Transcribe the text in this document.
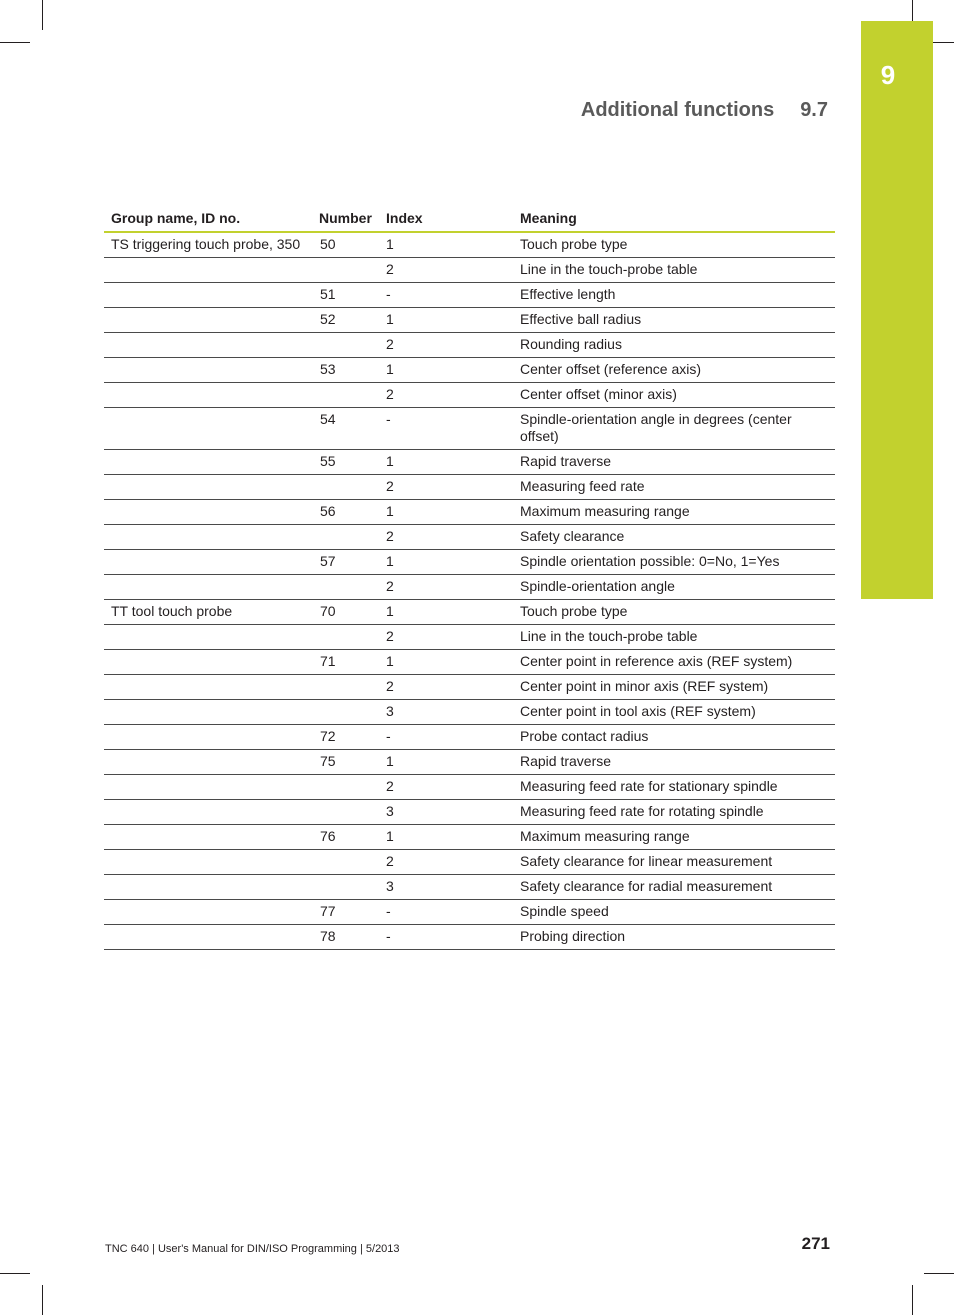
9
Additional functions 9.7
Group name, ID no.	Number	Index	Meaning
TS triggering touch probe, 350	50	1	Touch probe type
		2	Line in the touch-probe table
	51	-	Effective length
	52	1	Effective ball radius
		2	Rounding radius
	53	1	Center offset (reference axis)
		2	Center offset (minor axis)
	54	-	Spindle-orientation angle in degrees (center offset)
	55	1	Rapid traverse
		2	Measuring feed rate
	56	1	Maximum measuring range
		2	Safety clearance
	57	1	Spindle orientation possible: 0=No, 1=Yes
		2	Spindle-orientation angle
TT tool touch probe	70	1	Touch probe type
		2	Line in the touch-probe table
	71	1	Center point in reference axis (REF system)
		2	Center point in minor axis (REF system)
		3	Center point in tool axis (REF system)
	72	-	Probe contact radius
	75	1	Rapid traverse
		2	Measuring feed rate for stationary spindle
		3	Measuring feed rate for rotating spindle
	76	1	Maximum measuring range
		2	Safety clearance for linear measurement
		3	Safety clearance for radial measurement
	77	-	Spindle speed
	78	-	Probing direction
TNC 640 | User's Manual for DIN/ISO Programming | 5/2013	271
